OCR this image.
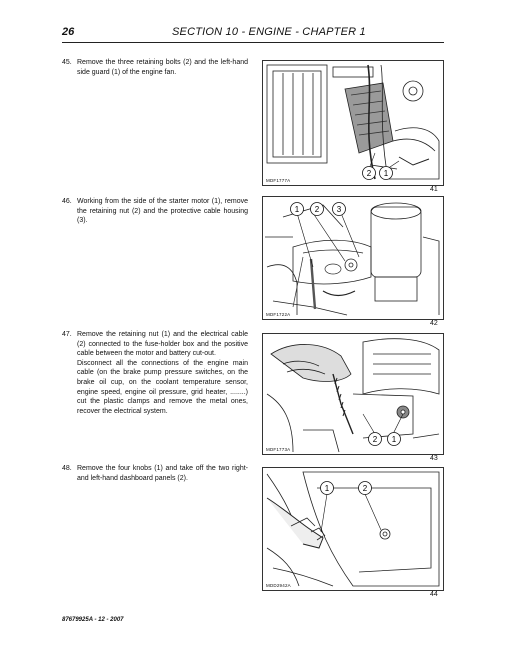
26	SECTION 10 - ENGINE - CHAPTER 1
45. Remove the three retaining bolts (2) and the left-hand side guard (1) of the engine fan.

46. Working from the side of the starter motor (1), remove the retaining nut (2) and the protective cable housing (3).

47. Remove the retaining nut (1) and the electrical cable (2) connected to the fuse-holder box and the positive cable between the motor and battery cut-out.

Disconnect all the connections of the engine main cable (on the brake pump pressure switches, on the brake oil cup, on the coolant temperature sensor, engine speed, engine oil pressure, grid heater, ........) cut the plastic clamps and remove the metal ones, recover the electrical system.

48. Remove the four knobs (1) and take off the two right- and left-hand dashboard panels (2).

2 1
MDF1777A
41
1 2 3
MDF1722A
42
2 1
MDF1773A
43
1	2
MDD2942A
44
87679925A - 12 - 2007
